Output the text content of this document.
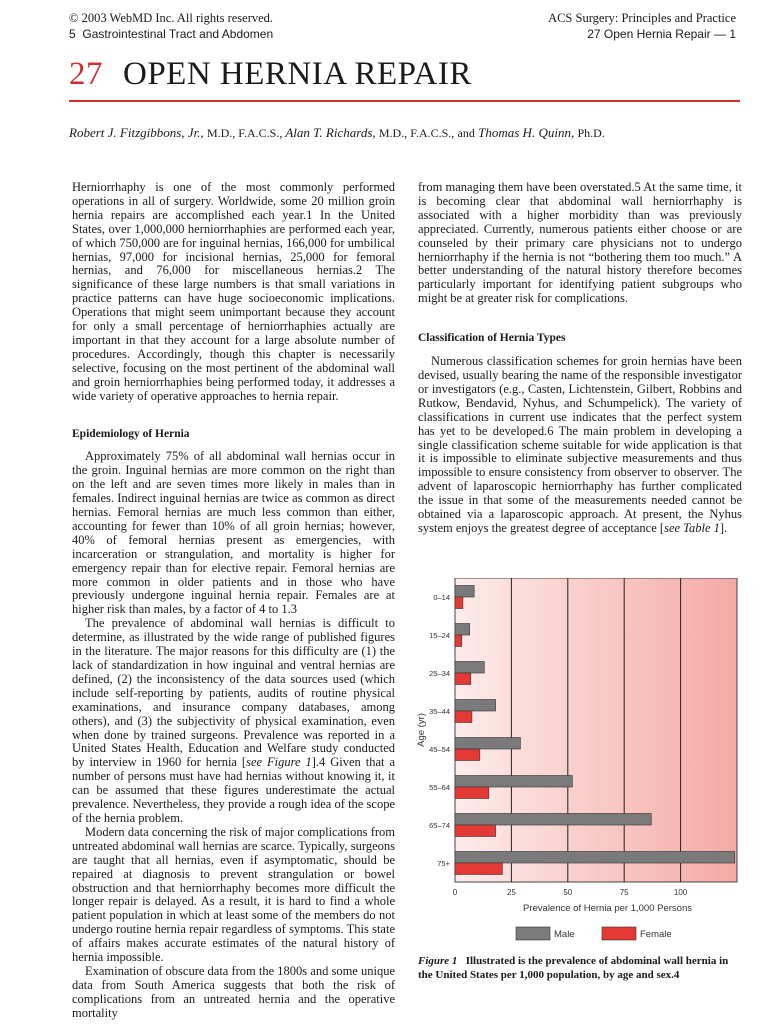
© 2003 WebMD Inc. All rights reserved.
5 Gastrointestinal Tract and Abdomen
ACS Surgery: Principles and Practice
27 Open Hernia Repair — 1
27 OPEN HERNIA REPAIR
Robert J. Fitzgibbons, Jr., M.D., F.A.C.S., Alan T. Richards, M.D., F.A.C.S., and Thomas H. Quinn, Ph.D.

Herniorrhaphy is one of the most commonly performed operations in all of surgery. Worldwide, some 20 million groin hernia repairs are accomplished each year.1 In the United States, over 1,000,000 herniorrhaphies are performed each year, of which 750,000 are for inguinal hernias, 166,000 for umbilical hernias, 97,000 for incisional hernias, 25,000 for femoral hernias, and 76,000 for miscellaneous hernias.2 The significance of these large numbers is that small variations in practice patterns can have huge socioeconomic implications. Operations that might seem unimportant because they account for only a small percentage of herniorrhaphies actually are important in that they account for a large absolute number of procedures. Accordingly, though this chapter is necessarily selective, focusing on the most pertinent of the abdominal wall and groin herniorrhaphies being performed today, it addresses a wide variety of operative approaches to hernia repair.

Epidemiology of Hernia

Approximately 75% of all abdominal wall hernias occur in the groin. Inguinal hernias are more common on the right than on the left and are seven times more likely in males than in females. Indirect inguinal hernias are twice as common as direct hernias. Femoral hernias are much less common than either, accounting for fewer than 10% of all groin hernias; however, 40% of femoral hernias present as emergencies, with incarceration or strangulation, and mortality is higher for emergency repair than for elective repair. Femoral hernias are more common in older patients and in those who have previously undergone inguinal hernia repair. Females are at higher risk than males, by a factor of 4 to 1.3

The prevalence of abdominal wall hernias is difficult to determine, as illustrated by the wide range of published figures in the literature. The major reasons for this difficulty are (1) the lack of standardization in how inguinal and ventral hernias are defined, (2) the inconsistency of the data sources used (which include self-reporting by patients, audits of routine physical examinations, and insurance company databases, among others), and (3) the subjectivity of physical examination, even when done by trained surgeons. Prevalence was reported in a United States Health, Education and Welfare study conducted by interview in 1960 for hernia [see Figure 1].4 Given that a number of persons must have had hernias without knowing it, it can be assumed that these figures underestimate the actual prevalence. Nevertheless, they provide a rough idea of the scope of the hernia problem.

Modern data concerning the risk of major complications from untreated abdominal wall hernias are scarce. Typically, surgeons are taught that all hernias, even if asymptomatic, should be repaired at diagnosis to prevent strangulation or bowel obstruction and that herniorrhaphy becomes more difficult the longer repair is delayed. As a result, it is hard to find a whole patient population in which at least some of the members do not undergo routine hernia repair regardless of symptoms. This state of affairs makes accurate estimates of the natural history of hernia impossible.

Examination of obscure data from the 1800s and some unique data from South America suggests that both the risk of complications from an untreated hernia and the operative mortality

from managing them have been overstated.5 At the same time, it is becoming clear that abdominal wall herniorrhaphy is associated with a higher morbidity than was previously appreciated. Currently, numerous patients either choose or are counseled by their primary care physicians not to undergo herniorrhaphy if the hernia is not “bothering them too much.” A better understanding of the natural history therefore becomes particularly important for identifying patient subgroups who might be at greater risk for complications.

Classification of Hernia Types

Numerous classification schemes for groin hernias have been devised, usually bearing the name of the responsible investigator or investigators (e.g., Casten, Lichtenstein, Gilbert, Robbins and Rutkow, Bendavid, Nyhus, and Schumpelick). The variety of classifications in current use indicates that the perfect system has yet to be developed.6 The main problem in developing a single classification scheme suitable for wide application is that it is impossible to eliminate subjective measurements and thus impossible to ensure consistency from observer to observer. The advent of laparoscopic herniorrhaphy has further complicated the issue in that some of the measurements needed cannot be obtained via a laparoscopic approach. At present, the Nyhus system enjoys the greatest degree of acceptance [see Table 1].

0–14
15–24
25–34
35–44
45–54
55–64
65–74
75+
0	25	50	75	100
Prevalence of Hernia per 1,000 Persons
Age (yr)
Male	Female
Figure 1 Illustrated is the prevalence of abdominal wall hernia in the United States per 1,000 population, by age and sex.4
